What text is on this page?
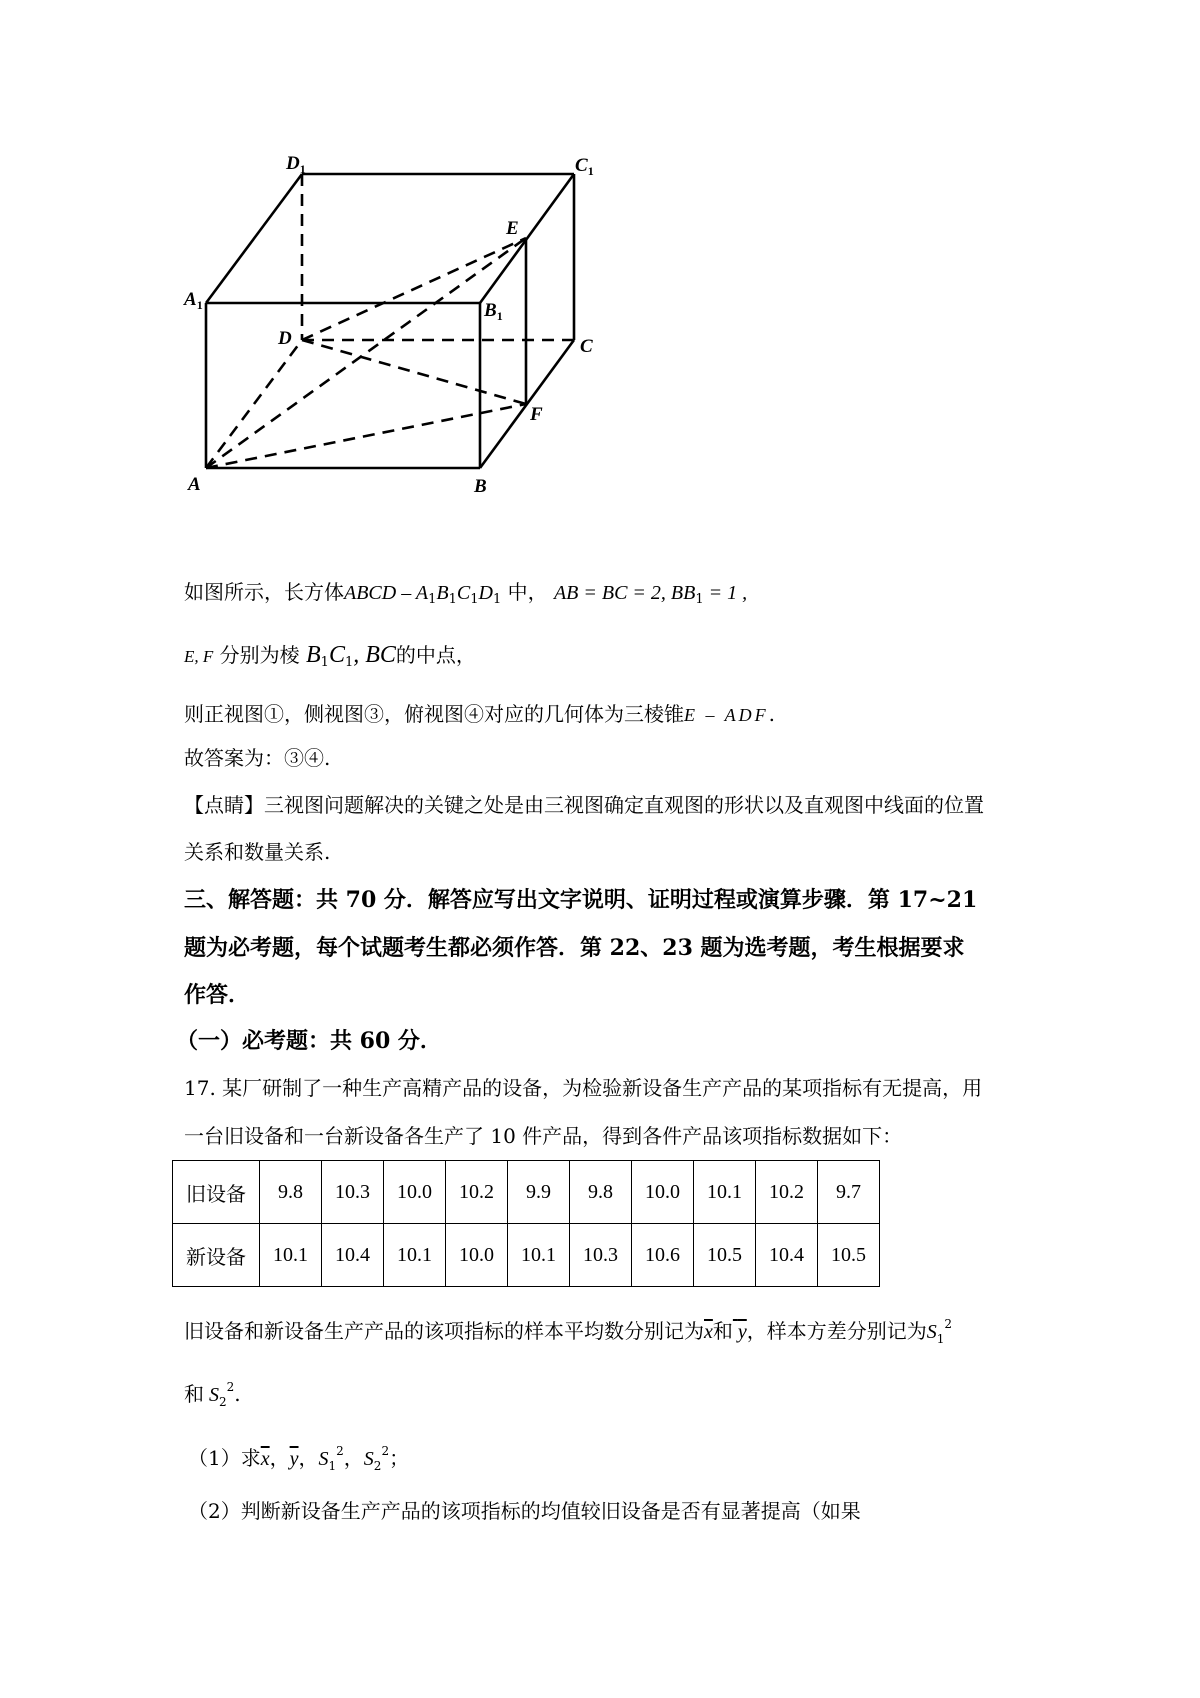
$D_1$	$C_1$
$A_1$	$B_1$
E
D	C
F
A	B
如图所示，长方体ABCD – $A_1B_1C_1D_1$ 中， AB = BC = 2, $BB_1 = 1$ ,
E, F 分别为棱 $B_1C_1$, BC的中点，
则正视图①，侧视图③，俯视图④对应的几何体为三棱锥E – ADF.
故答案为：③④.
【点睛】三视图问题解决的关键之处是由三视图确定直观图的形状以及直观图中线面的位置
关系和数量关系.
三、解答题：共 70 分．解答应写出文字说明、证明过程或演算步骤．第 17~21
题为必考题，每个试题考生都必须作答．第 22、23 题为选考题，考生根据要求
作答．
（一）必考题：共 60 分．
17. 某厂研制了一种生产高精产品的设备，为检验新设备生产产品的某项指标有无提高，用
一台旧设备和一台新设备各生产了 10 件产品，得到各件产品该项指标数据如下：
旧设备	9.8	10.3	10.0	10.2	9.9	9.8	10.0	10.1	10.2	9.7
新设备	10.1	10.4	10.1	10.0	10.1	10.3	10.6	10.5	10.4	10.5
旧设备和新设备生产产品的该项指标的样本平均数分别记为$\overline{x}$和 $\overline{y}$，样本方差分别记为$S_1^2$
和 $S_2^2$.
（1）求$\overline{x}$，$\overline{y}$，$S_1^2$，$S_2^2$；
（2）判断新设备生产产品的该项指标的均值较旧设备是否有显著提高（如果
